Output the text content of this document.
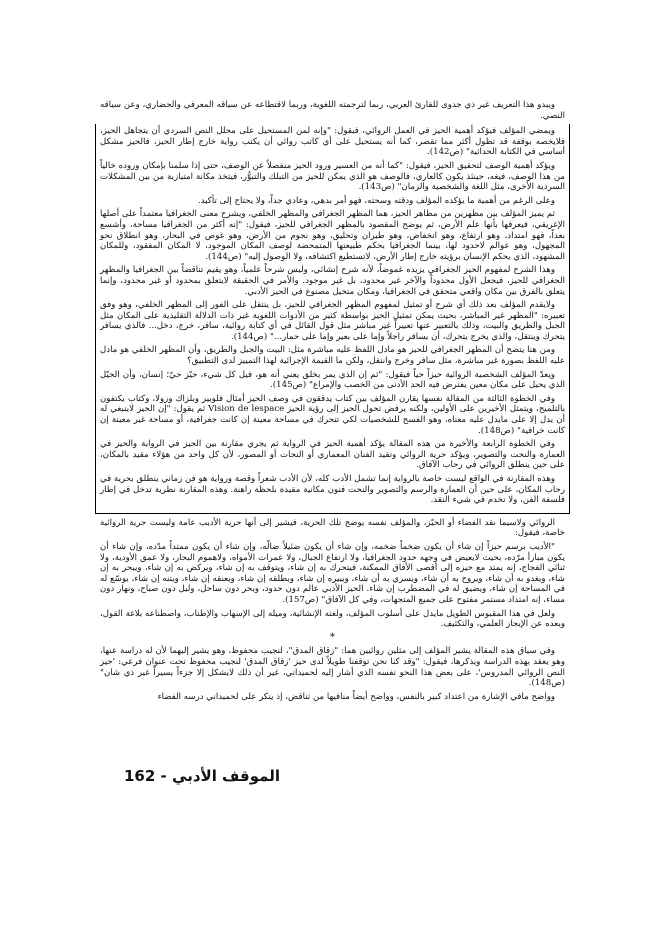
ويبدو هذا التعريف غير ذي جدوى للقارئ العربي، ربما لترجمته اللغوية، وربما لاقتطاعه عن سياقه المعرفي والحضاري، وعن سياقه النصي.

ويمضي المؤلف فيؤكد أهمية الحيز في العمل الروائي، فيقول: "وإنه لمن المستحيل على محلل النص السردي أن يتجاهل الحيز، فلايخصه بوقفة قد تطول أكثر مما تقصر، كما أنه يستحيل على أي كاتب روائي أن يكتب رواية خارج إطار الحيز، فالحيز مشكل أساسي في الكتابة الحداثية" (ص142).

ويؤكد أهمية الوصف لتحقيق الحيز، فيقول: "كما أنه من العسير ورود الحيز منفصلاً عن الوصف، حتى إذا سلمنا بإمكان وروده خالياً من هذا الوصف، فيغه، حينئذ يكون كالعاري، فالوصف هو الذي يمكن للحيز من التبلك والتبوُّر، فيتخذ مكانة امتيازية من بين المشكلات السردية الأخرى، مثل اللغة والشخصية والزمان" (ص143).

وعلى الرغم من أهمية ما يؤكده المؤلف ودقته وسحته، فهو أمر بدهي، وعادي جداً، ولا يحتاج إلى تأكيد.

ثم يميز المؤلف بين مظهرين من مظاهر الحيز، هما المظهر الجغرافي والمظهر الخلفي، ويشرح معنى الجغرافيا معتمداً على أصلها الإغريقي، فيعرفها بأنها علم الأرض، ثم يوضح المقصود بالمظهر الجغرافي للحيز، فيقول: "إنه أكثر من الجغرافيا مساحة، وأشسع بعداً، فهو امتداد، وهو ارتفاع، وهو انخفاض، وهو طيران وتحليق، وهو نجوم من الأرض، وهو غوص في البحار، وهو انطلاق نحو المجهول، وهو عوالم لاحدود لها، بينما الجغرافيا بحكم طبيعتها المتمحضة لوصف المكان الموجود، لا المكان المفقود، وللمكان المشهود، الذي يحكم الإنسان برؤيته خارج إطار الأرض، لاتستطيع اكتشافه، ولا الوصول إليه" (ص144).

وهذا الشرح لمفهوم الحيز الجغرافي يزيده غموضاً، لأنه شرح إنشائي، وليس شرحاً علمياً، وهو يقيم تناقضاً بين الجغرافيا والمظهر الجغرافي للحيز، فيجعل الأول محدوداً والآخر غير محدود، بل غير موجود. والأمر في الحقيقة لايتعلق بمحدود أو غير محدود، وإنما يتعلق بالفرق بين مكان واقعي متحقق في الجغرافيا، ومكان متخيل مصنوع في الحيز الأدبي.

ولايقدم المؤلف بعد ذلك أي شرح أو تمثيل لمفهوم المظهر الجغرافي للحيز، بل ينتقل على الفور إلى المظهر الخلفي، وهو وفق تعبيره: "المظهر غير المباشر، بحيث يمكن تمثيل الحيز بواسطة كثير من الأدوات اللغوية غير ذات الدلالة التقليدية على المكان مثل الجبل والطريق والبيت، وذلك بالتعبير عنها تعبيراً غير مباشر مثل قول القائل في أي كتابة روائية، سافر، خرج، دخل... فالذي يسافر يتحرك وينتقل، والذي يخرج يتحرك، أن يسافر راجلاً وإما على بعير وإما على حمار..." (ص144).

ومن هنا يتضح أن المظهر الجغرافي للحيز هو مادل اللفظ عليه مباشرة مثل: البيت والجبل والطريق، وأن المظهر الخلفي هو مادل عليه اللفظ بصورة غير مباشرة، مثل سافر وخرج وانتقل، ولكن ما القيمة الإجرائية لهذا التمييز لدى التطبيق؟

ويعدّ المؤلف الشخصية الروائية حيزاً حياً فيقول: "ثم إن الذي يمر بخلق يعني أنه هو، فيل كل شيء، حيّز حيّ؛ إنسان، وأن الحيّل الذي يحيل على مكان معين يفترض فيه الحد الأدنى من الخصب والإمراع" (ص145).

وفي الخطوة الثالثة من المقالة نفسها يقارن المؤلف بين كتاب يدققون في وصف الحيز أمثال فلوبير وبلزاك وزولا، وكتاب يكتفون بالتلميح، ويتمثل الأخيرين على الأولين، ولكنه يرفض تحول الحيز إلى رؤية الحيز Vision de lespace ثم يقول: "إن الحيز لاينبغي له أن يدل إلا على مايدل عليه معناه، وهو الفسح للشخصيات لكي تتحرك في مساحة معينة إن كانت جغرافية، أو مساحة غير معينة إن كانت خرافية" (ص148).

وفي الخطوة الرابعة والأخيرة من هذه المقالة يؤكد أهمية الحيز في الرواية ثم يجري مقارنة بين الحيز في الرواية والحيز في العمارة والنحت والتصوير، ويؤكد حرية الروائي وتقيد الفنان المعماري أو النحات أو المصور، لأن كل واحد من هؤلاء مقيد بالمكان، على حين ينطلق الروائي في رحاب الآفاق.

وهذه المقارنة في الواقع ليست خاصة بالرواية إنما تشمل الأدب كله، لأن الأدب شعراً وقصة ورواية هو فن زماني ينطلق بحرية في رحاب المكان، على حين أن العمارة والرسم والتصوير والنحت فنون مكانية مقيدة بلحظة راهنة. وهذه المقارنة نظرية تدخل في إطار فلسفة الفن، ولا تخدم في شيء النقد.

الروائي ولاسيما نقد الفضاء أو الحيّز، والمؤلف نفسه يوضح تلك الحرية، فيشير إلى أنها حرية الأديب عامة وليست حرية الروائية خاصة، فيقول:

"الأديب برسم حيزاً إن شاء أن يكون ضخماً ضخمه، وإن شاء أن يكون ضئيلاً ضالّه، وإن شاء أن يكون ممتداً مدّده، وإن شاء أن يكون مبارأ مرّده، بحيث لايعيض في وجهه حدود الجغرافيا، ولا ارتفاع الجبال، ولا عمرات الأمواه، ولاهموم البحار، ولا عمق الأودية، ولا ثنائي الفجاج، إنه يمتد مع حيزه إلى أقصى الأفاق الممكنة، فيتحرك به إن شاء، ويتوقف به إن شاء، ويركض به إن شاء، ويبحر به إن شاء، ويغدو به أن شاء، ويروح به أن شاء، ويسري به أن شاء، ويبيره إن شاء، ويطلقه إن شاء، ويعنقه إن شاء، ويتنه إن شاء، يوسّع له في المساحة إن شاء، ويضيق له في المضطرب إن شاء. الحيز الأدبي عالم دون حدود، وبحر دون ساحل، وليل دون صباح، ونهار دون مساء، إنه امتداد مستمر مفتوح على جميع المتجهات، وفي كل الآفاق" (ص157).

ولعل في هذا المقبوس الطويل مايدل على أسلوب المؤلف، ولغته الإنشائية، وميله إلى الإسهاب والإطناب، واصطناعه بلاغة القول، وبعده عن الإيجاز العلمي، والتكثيف.

*

وفي سياق هذه المقالة يشير المؤلف إلى مثلين روائيين هما: "زقاق المدق"، لنجيب محفوظ، وهو يشير إليهما لأن له دراسة عنها، وهو يعقد بهذه الدراسة ويذكرها، فيقول: "وقد كنا نحن توقفنا طويلاً لدى حيز 'زقاق المدق' لنجيب محفوظ تحت عنوان فرعي: 'حيز النص الروائي المدروس'، على بعض هذا النحو نفسه الذي أشار إليه لحميداني، غير أن ذلك لايشكل إلا جزءاً يسيراً غير ذي شان" (ص148).

وواضح مافي الإشارة من اعتداد كبير بالنفس، وواضح أيضاً منافيها من تناقض، إذ ينكر على لحميداني درسه الفضاء

الموقف الأدبي - 162
